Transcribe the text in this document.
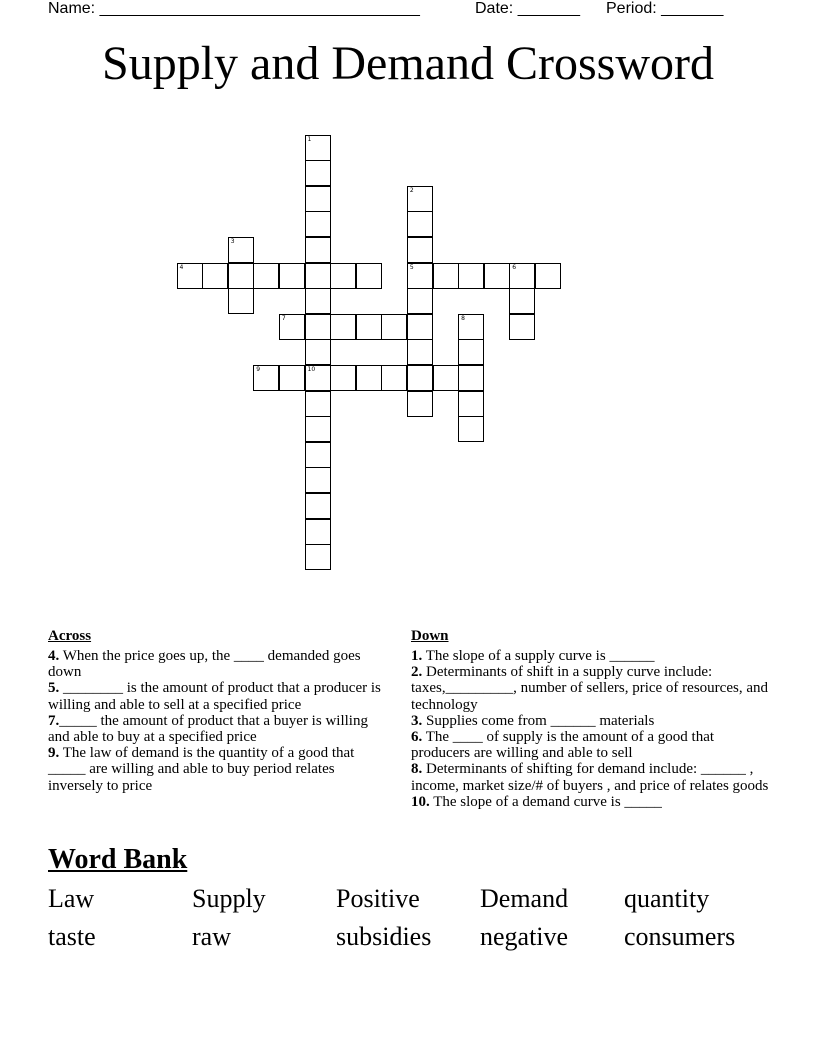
Name: ____________________________________	Date: _______ Period: _______
Supply and Demand Crossword
1
10
2
5
3
4	6
7	8
9
Across

4. When the price goes up, the ____ demanded goes down

5. ________ is the amount of product that a producer is willing and able to sell at a specified price

7._____ the amount of product that a buyer is willing and able to buy at a specified price

9. The law of demand is the quantity of a good that _____ are willing and able to buy period relates inversely to price

Down

1. The slope of a supply curve is ______

2. Determinants of shift in a supply curve include: taxes,_________, number of sellers, price of resources, and technology

3. Supplies come from ______ materials

6. The ____ of supply is the amount of a good that producers are willing and able to sell

8. Determinants of shifting for demand include: ______ , income, market size/# of buyers , and price of relates goods

10. The slope of a demand curve is _____

Word Bank
Law	Supply	Positive Demand quantity
taste	raw	subsidies negative consumers
